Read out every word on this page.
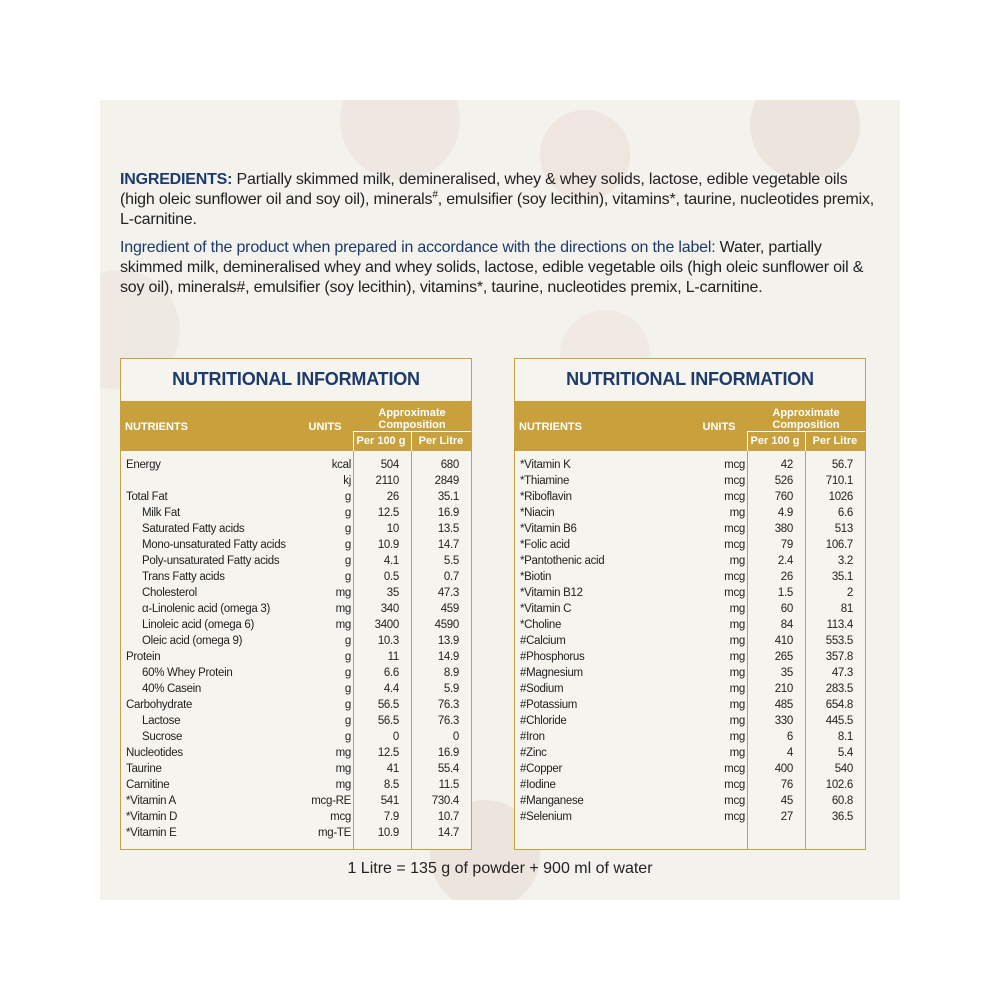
INGREDIENTS: Partially skimmed milk, demineralised, whey & whey solids, lactose, edible vegetable oils (high oleic sunflower oil and soy oil), minerals#, emulsifier (soy lecithin), vitamins*, taurine, nucleotides premix, L-carnitine.
Ingredient of the product when prepared in accordance with the directions on the label: Water, partially skimmed milk, demineralised whey and whey solids, lactose, edible vegetable oils (high oleic sunflower oil & soy oil), minerals#, emulsifier (soy lecithin), vitamins*, taurine, nucleotides premix, L-carnitine.
NUTRITIONAL INFORMATION
NUTRIENTS	UNITS
Approximate Composition
Per 100 g	Per Litre
Energy	kcal	504	680
kj	2110	2849
Total Fat	g	26	35.1
Milk Fat	g	12.5	16.9
Saturated Fatty acids	g	10	13.5
Mono-unsaturated Fatty acids	g	10.9	14.7
Poly-unsaturated Fatty acids	g	4.1	5.5
Trans Fatty acids	g	0.5	0.7
Cholesterol	mg	35	47.3
α-Linolenic acid (omega 3)	mg	340	459
Linoleic acid (omega 6)	mg	3400	4590
Oleic acid (omega 9)	g	10.3	13.9
Protein	g	11	14.9
60% Whey Protein	g	6.6	8.9
40% Casein	g	4.4	5.9
Carbohydrate	g	56.5	76.3
Lactose	g	56.5	76.3
Sucrose	g	0	0
Nucleotides	mg	12.5	16.9
Taurine	mg	41	55.4
Carnitine	mg	8.5	11.5
*Vitamin A	mcg-RE	541	730.4
*Vitamin D	mcg	7.9	10.7
*Vitamin E	mg-TE	10.9	14.7
NUTRITIONAL INFORMATION
NUTRIENTS	UNITS
Approximate Composition
Per 100 g	Per Litre
*Vitamin K	mcg	42	56.7
*Thiamine	mcg	526	710.1
*Riboflavin	mcg	760	1026
*Niacin	mg	4.9	6.6
*Vitamin B6	mcg	380	513
*Folic acid	mcg	79	106.7
*Pantothenic acid	mg	2.4	3.2
*Biotin	mcg	26	35.1
*Vitamin B12	mcg	1.5	2
*Vitamin C	mg	60	81
*Choline	mg	84	113.4
#Calcium	mg	410	553.5
#Phosphorus	mg	265	357.8
#Magnesium	mg	35	47.3
#Sodium	mg	210	283.5
#Potassium	mg	485	654.8
#Chloride	mg	330	445.5
#Iron	mg	6	8.1
#Zinc	mg	4	5.4
#Copper	mcg	400	540
#Iodine	mcg	76	102.6
#Manganese	mcg	45	60.8
#Selenium	mcg	27	36.5
1 Litre = 135 g of powder + 900 ml of water
